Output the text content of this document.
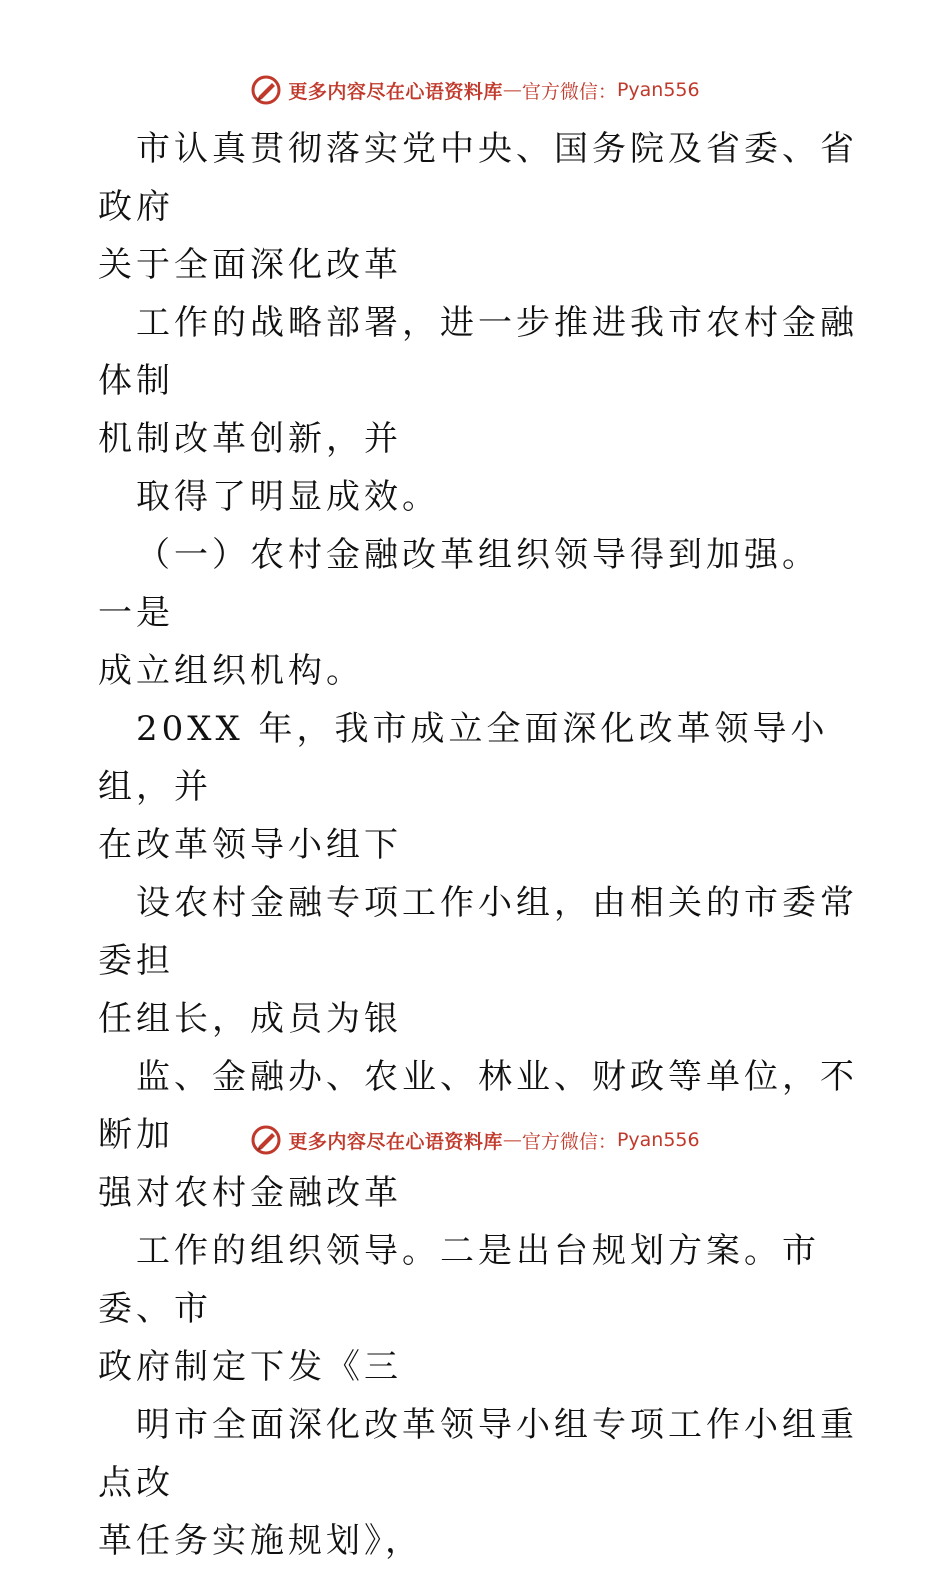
更多内容尽在心语资料库 — 官方微信： Pyan556

市认真贯彻落实党中央、国务院及省委、省政府
关于全面深化改革

工作的战略部署，进一步推进我市农村金融体制
机制改革创新，并

取得了明显成效。

（一）农村金融改革组织领导得到加强。 一是
成立组织机构。

20XX 年，我市成立全面深化改革领导小组，并
在改革领导小组下

设农村金融专项工作小组，由相关的市委常委担
任组长，成员为银

监、金融办、农业、林业、财政等单位，不断加
强对农村金融改革

工作的组织领导。二是出台规划方案。市委、市
政府制定下发《三

明市全面深化改革领导小组专项工作小组重点改
革任务实施规划》，

更多内容尽在心语资料库 — 官方微信： Pyan556
